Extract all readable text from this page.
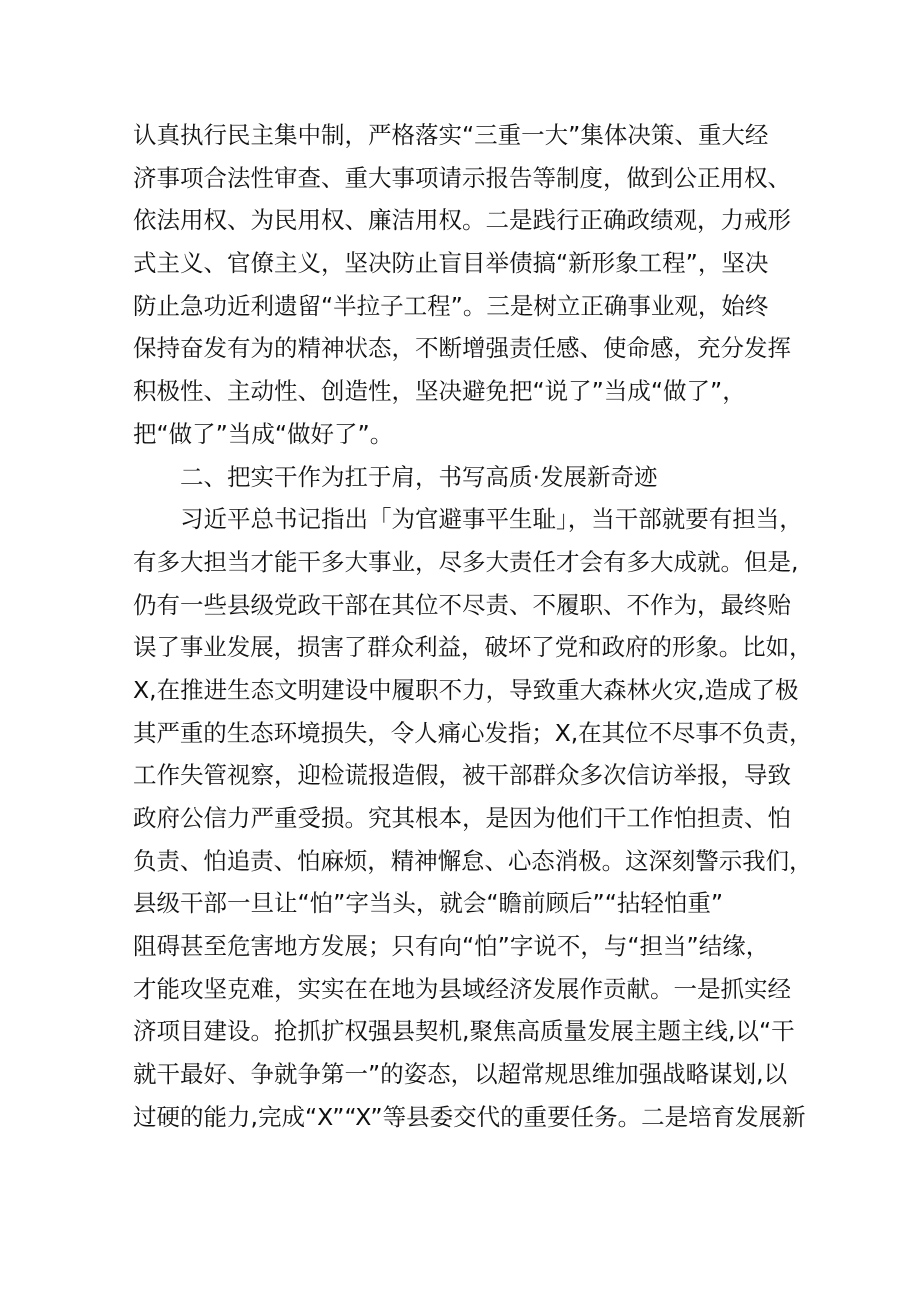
认真执行民主集中制，严格落实“三重一大”集体决策、重大经
济事项合法性审查、重大事项请示报告等制度，做到公正用权、
依法用权、为民用权、廉洁用权。二是践行正确政绩观，力戒形
式主义、官僚主义，坚决防止盲目举债搞“新形象工程”，坚决
防止急功近利遗留“半拉子工程”。三是树立正确事业观，始终
保持奋发有为的精神状态，不断增强责任感、使命感，充分发挥
积极性、主动性、创造性，坚决避免把“说了”当成“做了”，
把“做了”当成“做好了”。
二、把实干作为扛于肩，书写高质·发展新奇迹
习近平总书记指出「为官避事平生耻」，当干部就要有担当，
有多大担当才能干多大事业，尽多大责任才会有多大成就。但是,
仍有一些县级党政干部在其位不尽责、不履职、不作为，最终贻
误了事业发展，损害了群众利益，破坏了党和政府的形象。比如，
X,在推进生态文明建设中履职不力，导致重大森林火灾,造成了极
其严重的生态环境损失，令人痛心发指；X,在其位不尽事不负责，
工作失管视察，迎检谎报造假，被干部群众多次信访举报，导致
政府公信力严重受损。究其根本，是因为他们干工作怕担责、怕
负责、怕追责、怕麻烦，精神懈怠、心态消极。这深刻警示我们，
县级干部一旦让“怕”字当头，就会“瞻前顾后”“拈轻怕重”
阻碍甚至危害地方发展；只有向“怕”字说不，与“担当”结缘，
才能攻坚克难，实实在在地为县域经济发展作贡献。一是抓实经
济项目建设。抢抓扩权强县契机,聚焦高质量发展主题主线,以“干
就干最好、争就争第一”的姿态，以超常规思维加强战略谋划,以
过硬的能力,完成“X”“X”等县委交代的重要任务。二是培育发展新
